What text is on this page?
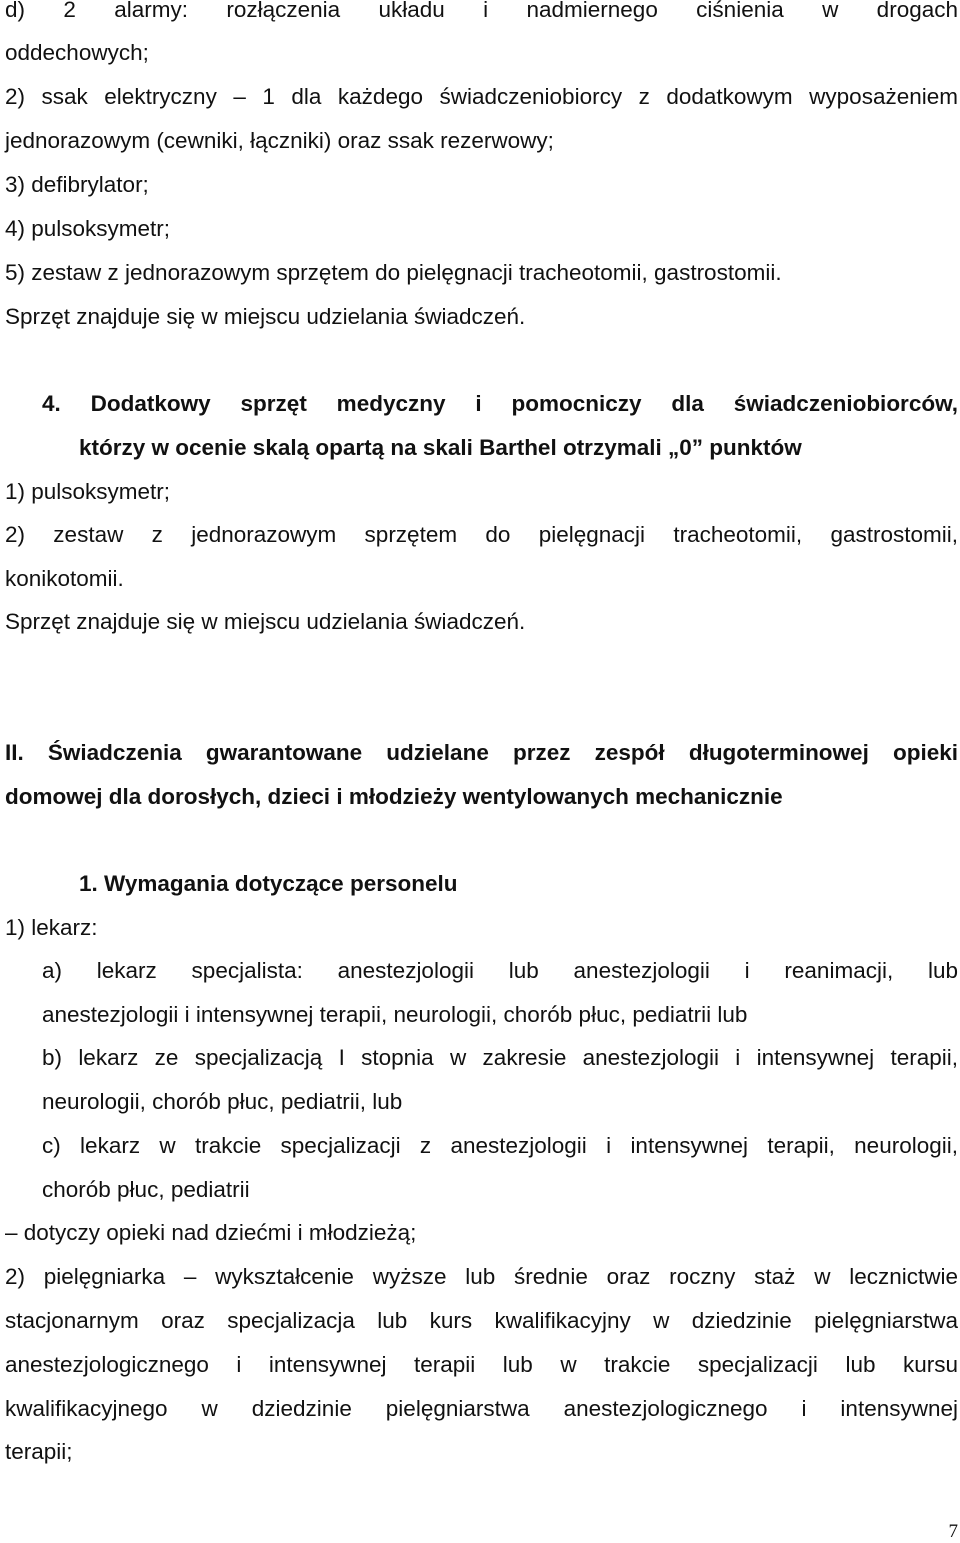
d) 2 alarmy: rozłączenia układu i nadmiernego ciśnienia w drogach
oddechowych;
2) ssak elektryczny – 1 dla każdego świadczeniobiorcy z dodatkowym wyposażeniem
jednorazowym (cewniki, łączniki) oraz ssak rezerwowy;
3) defibrylator;
4) pulsoksymetr;
5) zestaw z jednorazowym sprzętem do pielęgnacji tracheotomii, gastrostomii.
Sprzęt znajduje się w miejscu udzielania świadczeń.
4. Dodatkowy sprzęt medyczny i pomocniczy dla świadczeniobiorców,
którzy w ocenie skalą opartą na skali Barthel otrzymali „0” punktów
1) pulsoksymetr;
2) zestaw z jednorazowym sprzętem do pielęgnacji tracheotomii, gastrostomii,
konikotomii.
Sprzęt znajduje się w miejscu udzielania świadczeń.
II. Świadczenia gwarantowane udzielane przez zespół długoterminowej opieki
domowej dla dorosłych, dzieci i młodzieży wentylowanych mechanicznie
1. Wymagania dotyczące personelu
1) lekarz:
a) lekarz specjalista: anestezjologii lub anestezjologii i reanimacji, lub
anestezjologii i intensywnej terapii, neurologii, chorób płuc, pediatrii lub
b) lekarz ze specjalizacją I stopnia w zakresie anestezjologii i intensywnej terapii,
neurologii, chorób płuc, pediatrii, lub
c) lekarz w trakcie specjalizacji z anestezjologii i intensywnej terapii, neurologii,
chorób płuc, pediatrii
– dotyczy opieki nad dziećmi i młodzieżą;
2) pielęgniarka – wykształcenie wyższe lub średnie oraz roczny staż w lecznictwie
stacjonarnym oraz specjalizacja lub kurs kwalifikacyjny w dziedzinie pielęgniarstwa
anestezjologicznego i intensywnej terapii lub w trakcie specjalizacji lub kursu
kwalifikacyjnego w dziedzinie pielęgniarstwa anestezjologicznego i intensywnej
terapii;
7
